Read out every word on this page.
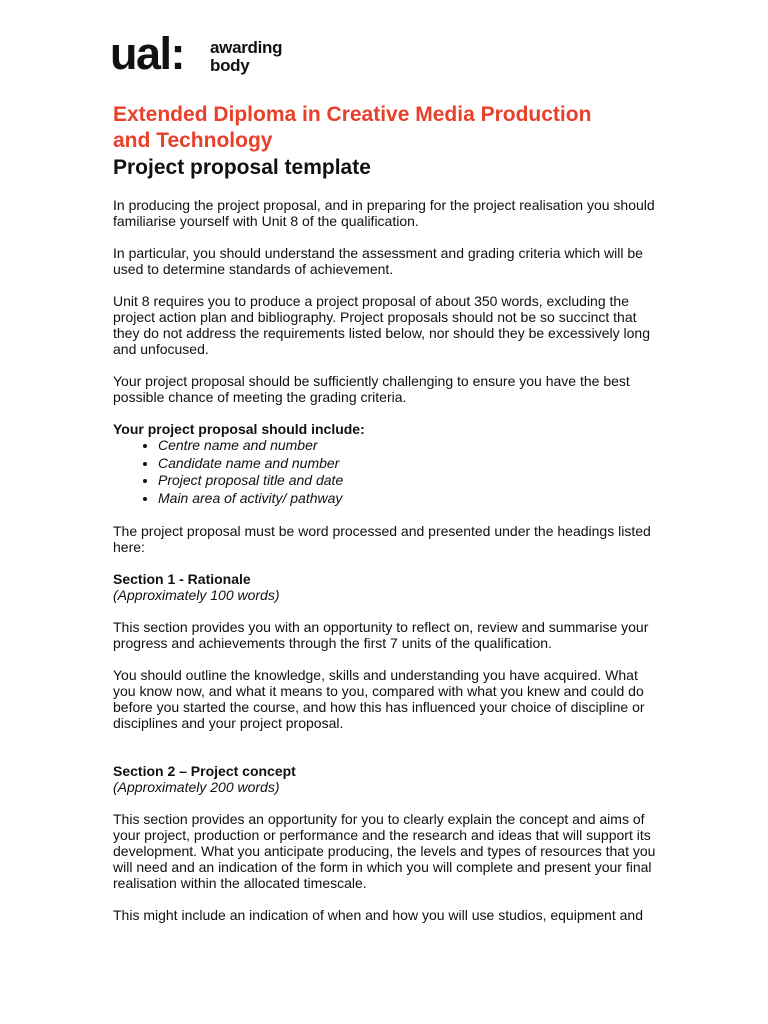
ual: awarding
body
Extended Diploma in Creative Media Production
and Technology
Project proposal template

In producing the project proposal, and in preparing for the project realisation you should familiarise yourself with Unit 8 of the qualification.

In particular, you should understand the assessment and grading criteria which will be used to determine standards of achievement.

Unit 8 requires you to produce a project proposal of about 350 words, excluding the project action plan and bibliography. Project proposals should not be so succinct that they do not address the requirements listed below, nor should they be excessively long and unfocused.

Your project proposal should be sufficiently challenging to ensure you have the best possible chance of meeting the grading criteria.

Your project proposal should include:

• Centre name and number
• Candidate name and number
• Project proposal title and date
• Main area of activity/ pathway

The project proposal must be word processed and presented under the headings listed here:

Section 1 - Rationale
(Approximately 100 words)

This section provides you with an opportunity to reflect on, review and summarise your progress and achievements through the first 7 units of the qualification.

You should outline the knowledge, skills and understanding you have acquired. What you know now, and what it means to you, compared with what you knew and could do before you started the course, and how this has influenced your choice of discipline or disciplines and your project proposal.

Section 2 – Project concept
(Approximately 200 words)

This section provides an opportunity for you to clearly explain the concept and aims of your project, production or performance and the research and ideas that will support its development. What you anticipate producing, the levels and types of resources that you will need and an indication of the form in which you will complete and present your final realisation within the allocated timescale.

This might include an indication of when and how you will use studios, equipment and
